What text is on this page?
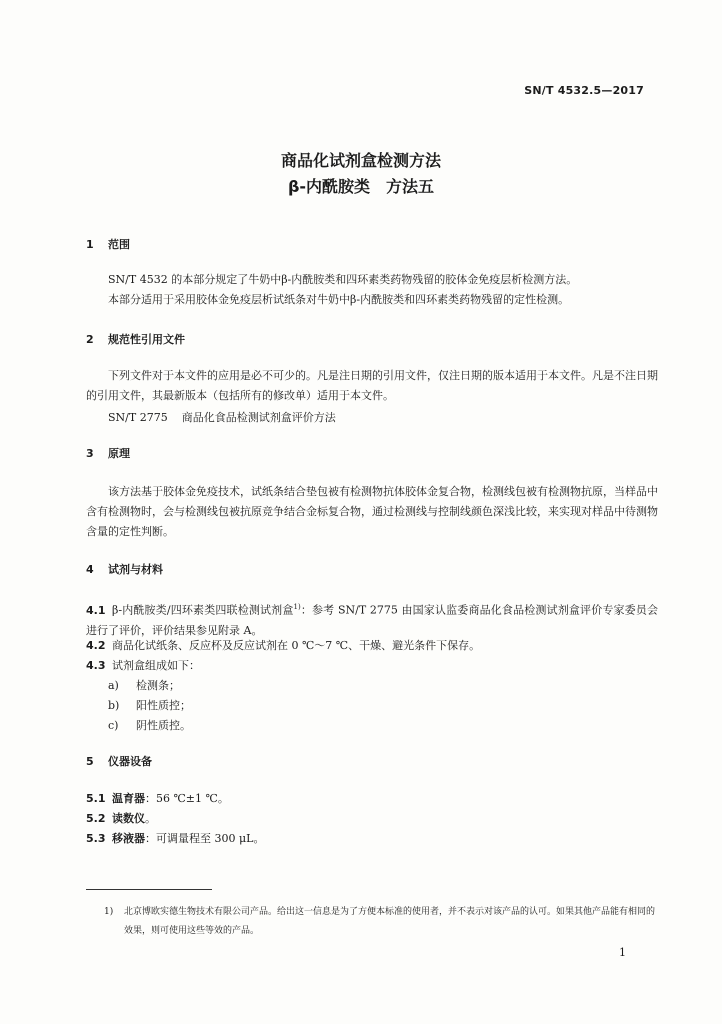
SN/T 4532.5—2017
商品化试剂盒检测方法
β-内酰胺类　方法五
1 范围
SN/T 4532 的本部分规定了牛奶中β-内酰胺类和四环素类药物残留的胶体金免疫层析检测方法。
本部分适用于采用胶体金免疫层析试纸条对牛奶中β-内酰胺类和四环素类药物残留的定性检测。
2 规范性引用文件
下列文件对于本文件的应用是必不可少的。凡是注日期的引用文件，仅注日期的版本适用于本文件。凡是不注日期的引用文件，其最新版本（包括所有的修改单）适用于本文件。
SN/T 2775 商品化食品检测试剂盒评价方法
3 原理
该方法基于胶体金免疫技术，试纸条结合垫包被有检测物抗体胶体金复合物，检测线包被有检测物抗原，当样品中含有检测物时，会与检测线包被抗原竞争结合金标复合物，通过检测线与控制线颜色深浅比较，来实现对样品中待测物含量的定性判断。
4 试剂与材料
4.1 β-内酰胺类/四环素类四联检测试剂盒$^{1)}$：参考 SN/T 2775 由国家认监委商品化食品检测试剂盒评价专家委员会进行了评价，评价结果参见附录 A。
4.2 商品化试纸条、反应杯及反应试剂在 0 ℃～7 ℃、干燥、避光条件下保存。
4.3 试剂盒组成如下：
a) 检测条；
b) 阳性质控；
c) 阴性质控。
5 仪器设备
5.1 温育器：56 ℃±1 ℃。
5.2 读数仪。
5.3 移液器：可调量程至 300 μL。
1)	北京博欧实德生物技术有限公司产品。给出这一信息是为了方便本标准的使用者，并不表示对该产品的认可。如果其他产品能有相同的效果，则可使用这些等效的产品。
1
